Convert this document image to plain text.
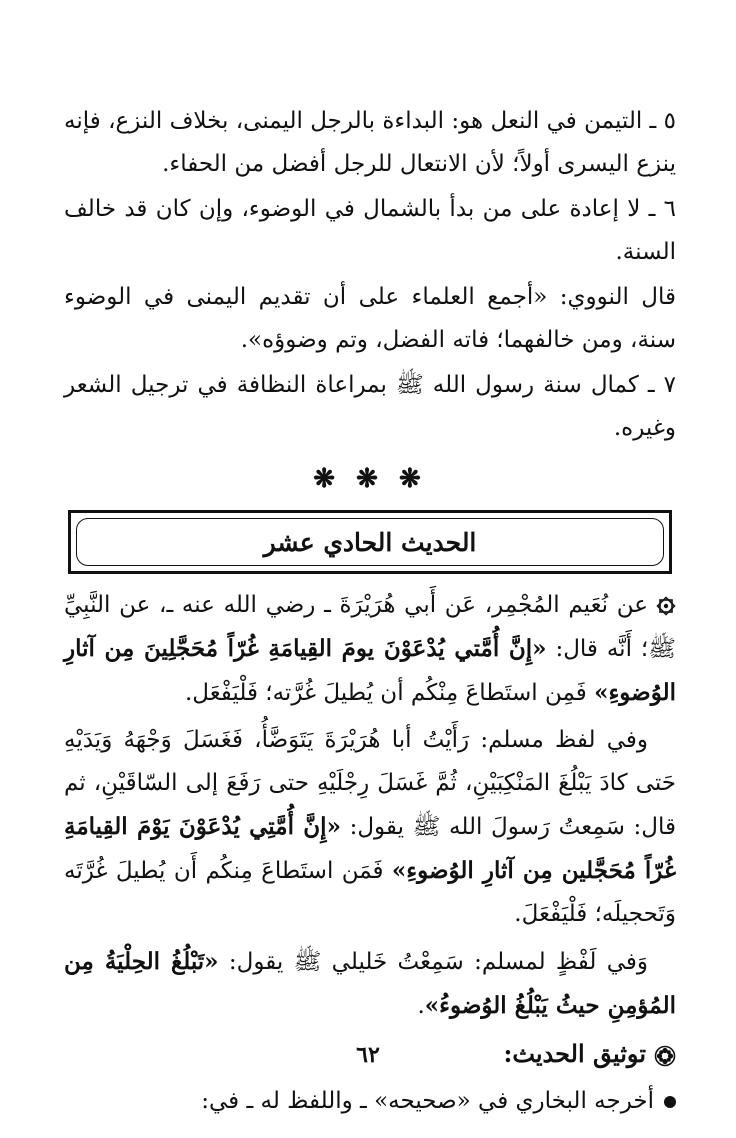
٥ ـ التيمن في النعل هو: البداءة بالرجل اليمنى، بخلاف النزع، فإنه ينزع اليسرى أولاً؛ لأن الانتعال للرجل أفضل من الحفاء.

٦ ـ لا إعادة على من بدأ بالشمال في الوضوء، وإن كان قد خالف السنة.

قال النووي: «أجمع العلماء على أن تقديم اليمنى في الوضوء سنة، ومن خالفهما؛ فاته الفضل، وتم وضوؤه».

٧ ـ كمال سنة رسول الله ﷺ بمراعاة النظافة في ترجيل الشعر وغيره.

❋ ❋ ❋
الحديث الحادي عشر

عن نُعَيم المُجْمِر، عَن أَبي هُرَيْرَةَ ـ رضي الله عنه ـ، عن النَّبِيِّ ﷺ؛ أَنَّه قال: «إِنَّ أُمَّتي يُدْعَوْنَ يومَ القِيامَةِ غُرّاً مُحَجَّلِينَ مِن آثارِ الوُضوءِ» فَمِن استَطاعَ مِنْكُم أن يُطيلَ غُرَّته؛ فَلْيَفْعَل.

وفي لفظ مسلم: رَأَيْتُ أبا هُرَيْرَةَ يَتَوَضَّأُ، فَغَسَلَ وَجْهَهُ وَيَدَيْهِ حَتى كادَ يَبْلُغَ المَنْكِبَيْنِ، ثُمَّ غَسَلَ رِجْلَيْهِ حتى رَفَعَ إلى السّاقَيْنِ، ثم قال: سَمِعتُ رَسولَ الله ﷺ يقول: «إِنَّ أُمَّتِي يُدْعَوْنَ يَوْمَ القِيامَةِ غُرّاً مُحَجَّلين مِن آثارِ الوُضوءِ» فَمَن استَطاعَ مِنكُم أَن يُطيلَ غُرَّتَه وَتَحجيلَه؛ فَلْيَفْعَلَ.

وَفي لَفْظٍ لمسلم: سَمِعْتُ خَليلي ﷺ يقول: «تَبْلُغُ الحِلْيَةُ مِن المُؤمِنِ حيثُ يَبْلُغُ الوُضوءُ».

توثيق الحديث:

أخرجه البخاري في «صحيحه» ـ واللفظ له ـ في:

٦٢
